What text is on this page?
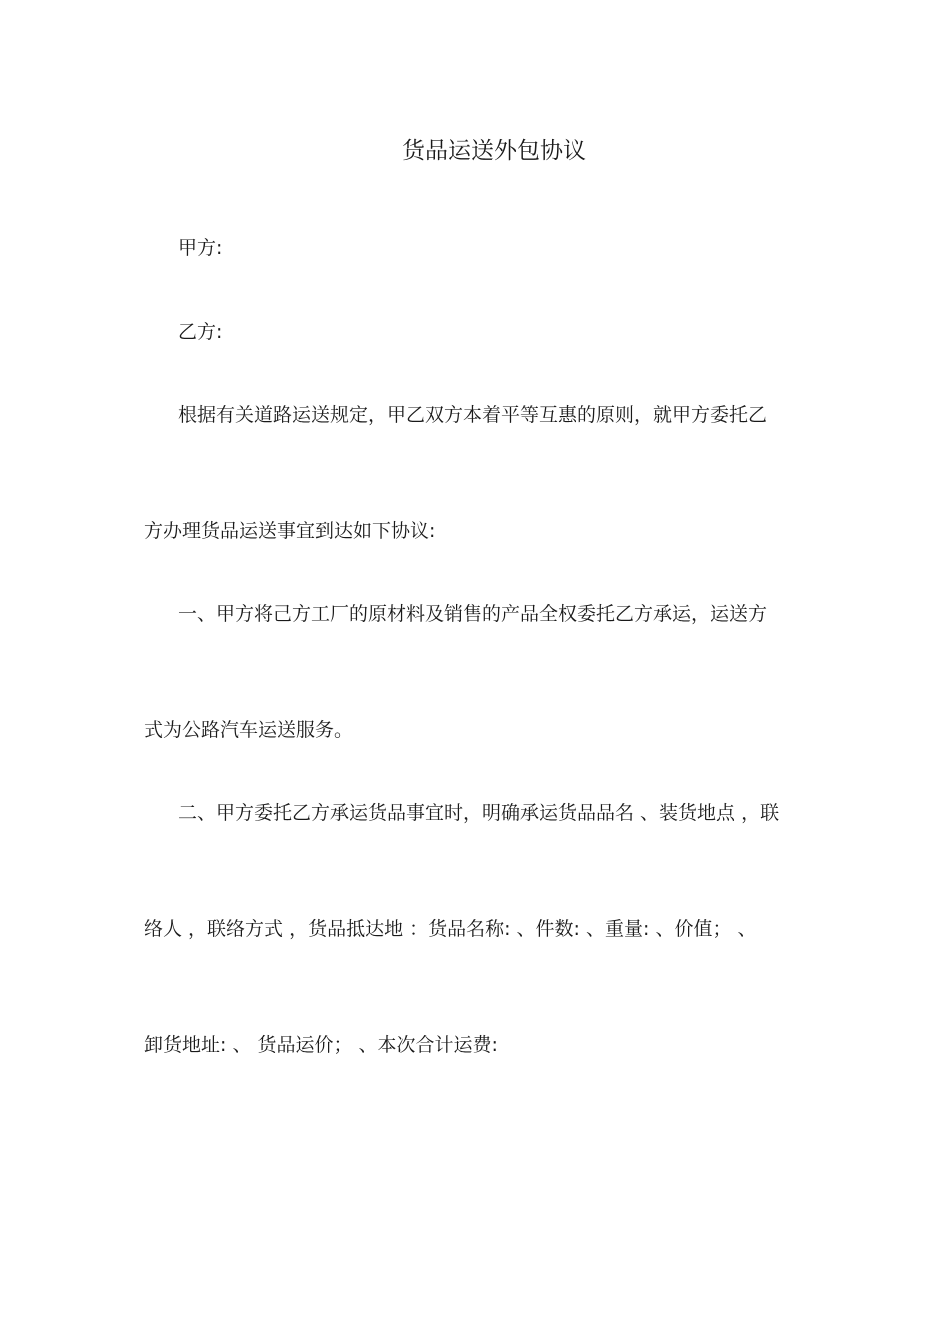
货品运送外包协议
甲方:
乙方:
根据有关道路运送规定，甲乙双方本着平等互惠的原则，就甲方委托乙
方办理货品运送事宜到达如下协议:
一、甲方将己方工厂的原材料及销售的产品全权委托乙方承运，运送方
式为公路汽车运送服务。
二、甲方委托乙方承运货品事宜时，明确承运货品品名 、装货地点 ，联
络人 ，联络方式 ，货品抵达地 ：货品名称: 、件数: 、重量: 、价值； 、
卸货地址: 、 货品运价； 、本次合计运费:
